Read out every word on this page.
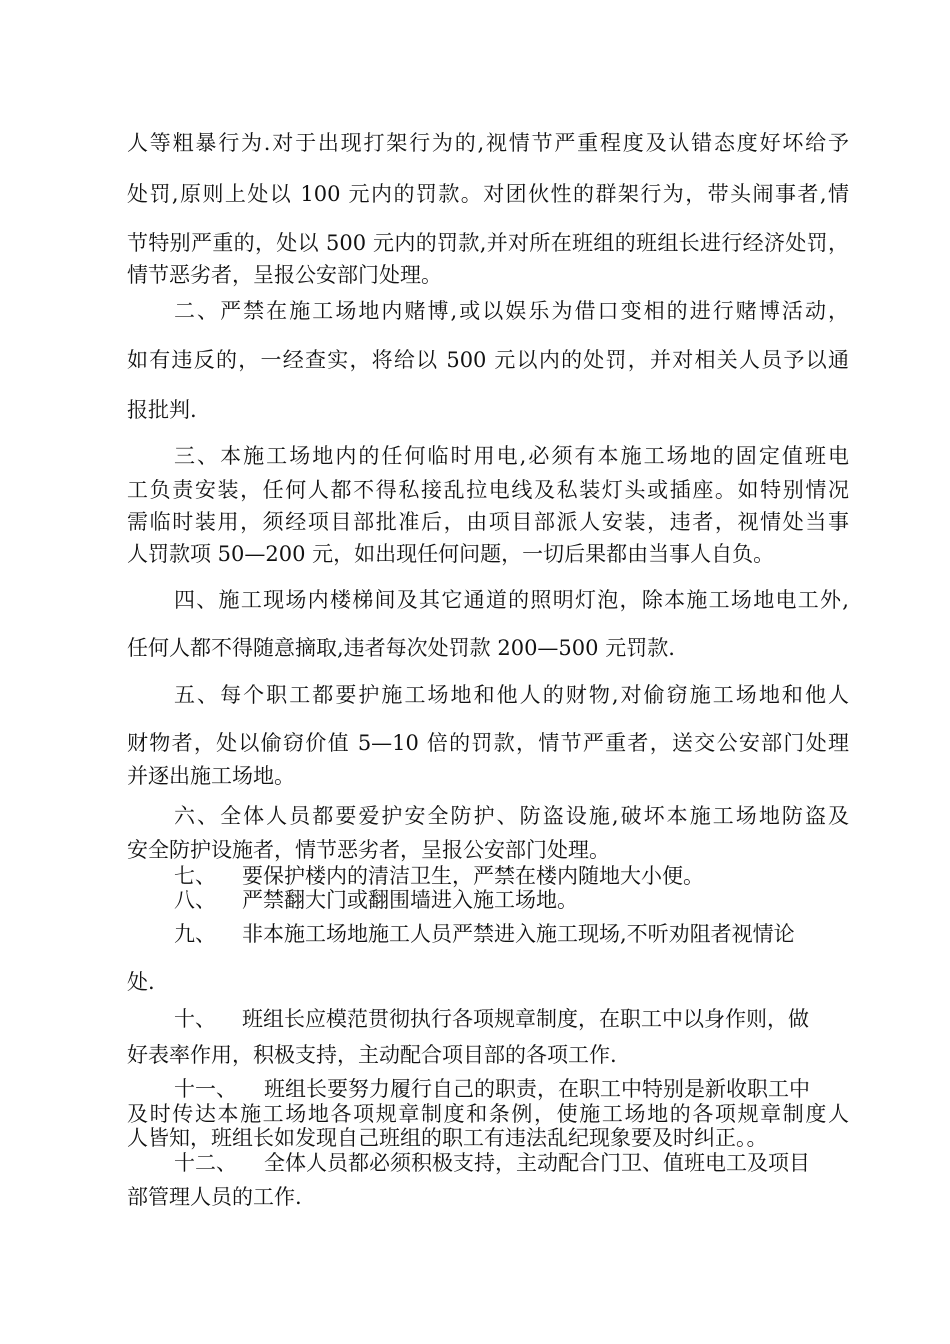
人等粗暴行为.对于出现打架行为的,视情节严重程度及认错态度好坏给予
处罚,原则上处以 100 元内的罚款。对团伙性的群架行为，带头闹事者,情
节特别严重的，处以 500 元内的罚款,并对所在班组的班组长进行经济处罚，
情节恶劣者，呈报公安部门处理。
二、严禁在施工场地内赌博,或以娱乐为借口变相的进行赌博活动，
如有违反的，一经查实，将给以 500 元以内的处罚，并对相关人员予以通
报批判.
三、本施工场地内的任何临时用电,必须有本施工场地的固定值班电
工负责安装，任何人都不得私接乱拉电线及私装灯头或插座。如特别情况
需临时装用，须经项目部批准后，由项目部派人安装，违者，视情处当事
人罚款项 50—200 元，如出现任何问题，一切后果都由当事人自负。
四、施工现场内楼梯间及其它通道的照明灯泡，除本施工场地电工外,
任何人都不得随意摘取,违者每次处罚款 200—500 元罚款.
五、每个职工都要护施工场地和他人的财物,对偷窃施工场地和他人
财物者，处以偷窃价值 5—10 倍的罚款，情节严重者，送交公安部门处理
并逐出施工场地。
六、全体人员都要爱护安全防护、防盗设施,破坏本施工场地防盗及
安全防护设施者，情节恶劣者，呈报公安部门处理。
七、 要保护楼内的清洁卫生，严禁在楼内随地大小便。
八、 严禁翻大门或翻围墙进入施工场地。
九、 非本施工场地施工人员严禁进入施工现场,不听劝阻者视情论
处.
十、 班组长应模范贯彻执行各项规章制度，在职工中以身作则，做
好表率作用，积极支持，主动配合项目部的各项工作.
十一、 班组长要努力履行自己的职责，在职工中特别是新收职工中
及时传达本施工场地各项规章制度和条例，使施工场地的各项规章制度人
人皆知，班组长如发现自己班组的职工有违法乱纪现象要及时纠正。。
十二、 全体人员都必须积极支持，主动配合门卫、值班电工及项目
部管理人员的工作.
